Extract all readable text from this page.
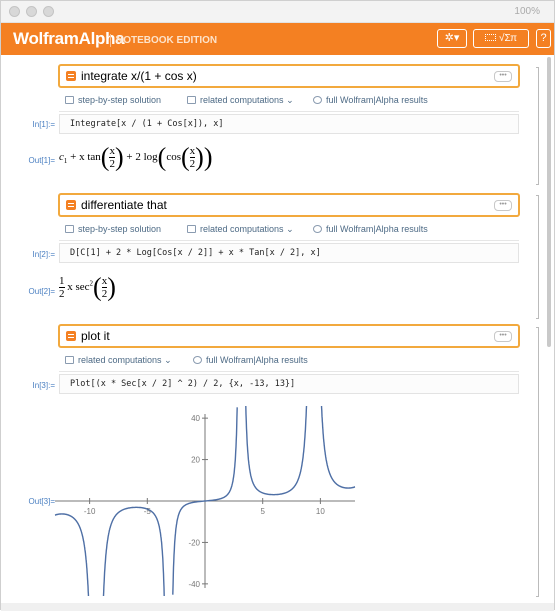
100%
WolframAlpha
NOTEBOOK EDITION	✲▾	√Σπ	?
integrate x/(1 + cos x)	•••
step-by-step solution	related computations ⌄	full Wolfram|Alpha results
In[1]:=	Integrate[x / (1 + Cos[x]), x]
$Out[1]= c_1 + x$ $\tan( \frac{x}{2}$ ) + 2 $\log(\cos( \frac{x}{2}$ ))
differentiate that	•••
step-by-step solution	related computations ⌄	full Wolfram|Alpha results
In[2]:=	D[C[1] + 2 * Log[Cos[x / 2]] + x * Tan[x / 2], x]
$Out[2]= \frac{1}{2}$ x $\sec^2( \frac{x}{2}$ )
plot it	•••
related computations ⌄	full Wolfram|Alpha results
In[3]:=	Plot[(x * Sec[x / 2] ^ 2) / 2, {x, -13, 13}]
Out[3]=
-10	-5	5	10
-40
-20
20
40
